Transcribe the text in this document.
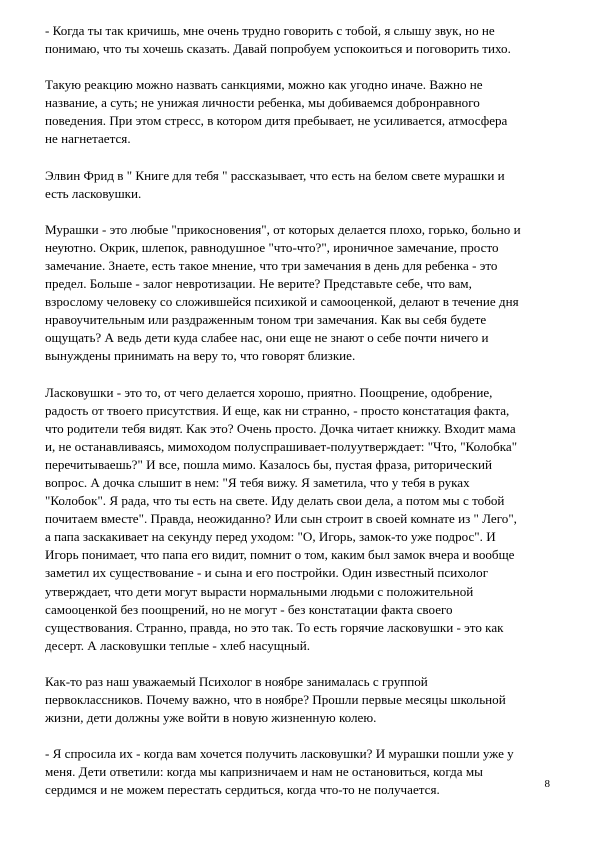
- Когда ты так кричишь, мне очень трудно говорить с тобой, я слышу звук, но не
понимаю, что ты хочешь сказать. Давай попробуем успокоиться и поговорить тихо.

Такую реакцию можно назвать санкциями, можно как угодно иначе. Важно не
название, а суть; не унижая личности ребенка, мы добиваемся добронравного
поведения. При этом стресс, в котором дитя пребывает, не усиливается, атмосфера
не нагнетается.

Элвин Фрид в " Книге для тебя " рассказывает, что есть на белом свете мурашки и
есть ласковушки.

Мурашки - это любые "прикосновения", от которых делается плохо, горько, больно и
неуютно. Окрик, шлепок, равнодушное "что-что?", ироничное замечание, просто
замечание. Знаете, есть такое мнение, что три замечания в день для ребенка - это
предел. Больше - залог невротизации. Не верите? Представьте себе, что вам,
взрослому человеку со сложившейся психикой и самооценкой, делают в течение дня
нравоучительным или раздраженным тоном три замечания. Как вы себя будете
ощущать? А ведь дети куда слабее нас, они еще не знают о себе почти ничего и
вынуждены принимать на веру то, что говорят близкие.

Ласковушки - это то, от чего делается хорошо, приятно. Поощрение, одобрение,
радость от твоего присутствия. И еще, как ни странно, - просто констатация факта,
что родители тебя видят. Как это? Очень просто. Дочка читает книжку. Входит мама
и, не останавливаясь, мимоходом полуспрашивает-полуутверждает: "Что, "Колобка"
перечитываешь?" И все, пошла мимо. Казалось бы, пустая фраза, риторический
вопрос. А дочка слышит в нем: "Я тебя вижу. Я заметила, что у тебя в руках
"Колобок". Я рада, что ты есть на свете. Иду делать свои дела, а потом мы с тобой
почитаем вместе". Правда, неожиданно? Или сын строит в своей комнате из " Лего",
а папа заскакивает на секунду перед уходом: "О, Игорь, замок-то уже подрос". И
Игорь понимает, что папа его видит, помнит о том, каким был замок вчера и вообще
заметил их существование - и сына и его постройки. Один известный психолог
утверждает, что дети могут вырасти нормальными людьми с положительной
самооценкой без поощрений, но не могут - без констатации факта своего
существования. Странно, правда, но это так. То есть горячие ласковушки - это как
десерт. А ласковушки теплые - хлеб насущный.

Как-то раз наш уважаемый Психолог в ноябре занималась с группой
первоклассников. Почему важно, что в ноябре? Прошли первые месяцы школьной
жизни, дети должны уже войти в новую жизненную колею.

- Я спросила их - когда вам хочется получить ласковушки? И мурашки пошли уже у
меня. Дети ответили: когда мы капризничаем и нам не остановиться, когда мы
сердимся и не можем перестать сердиться, когда что-то не получается.	8
